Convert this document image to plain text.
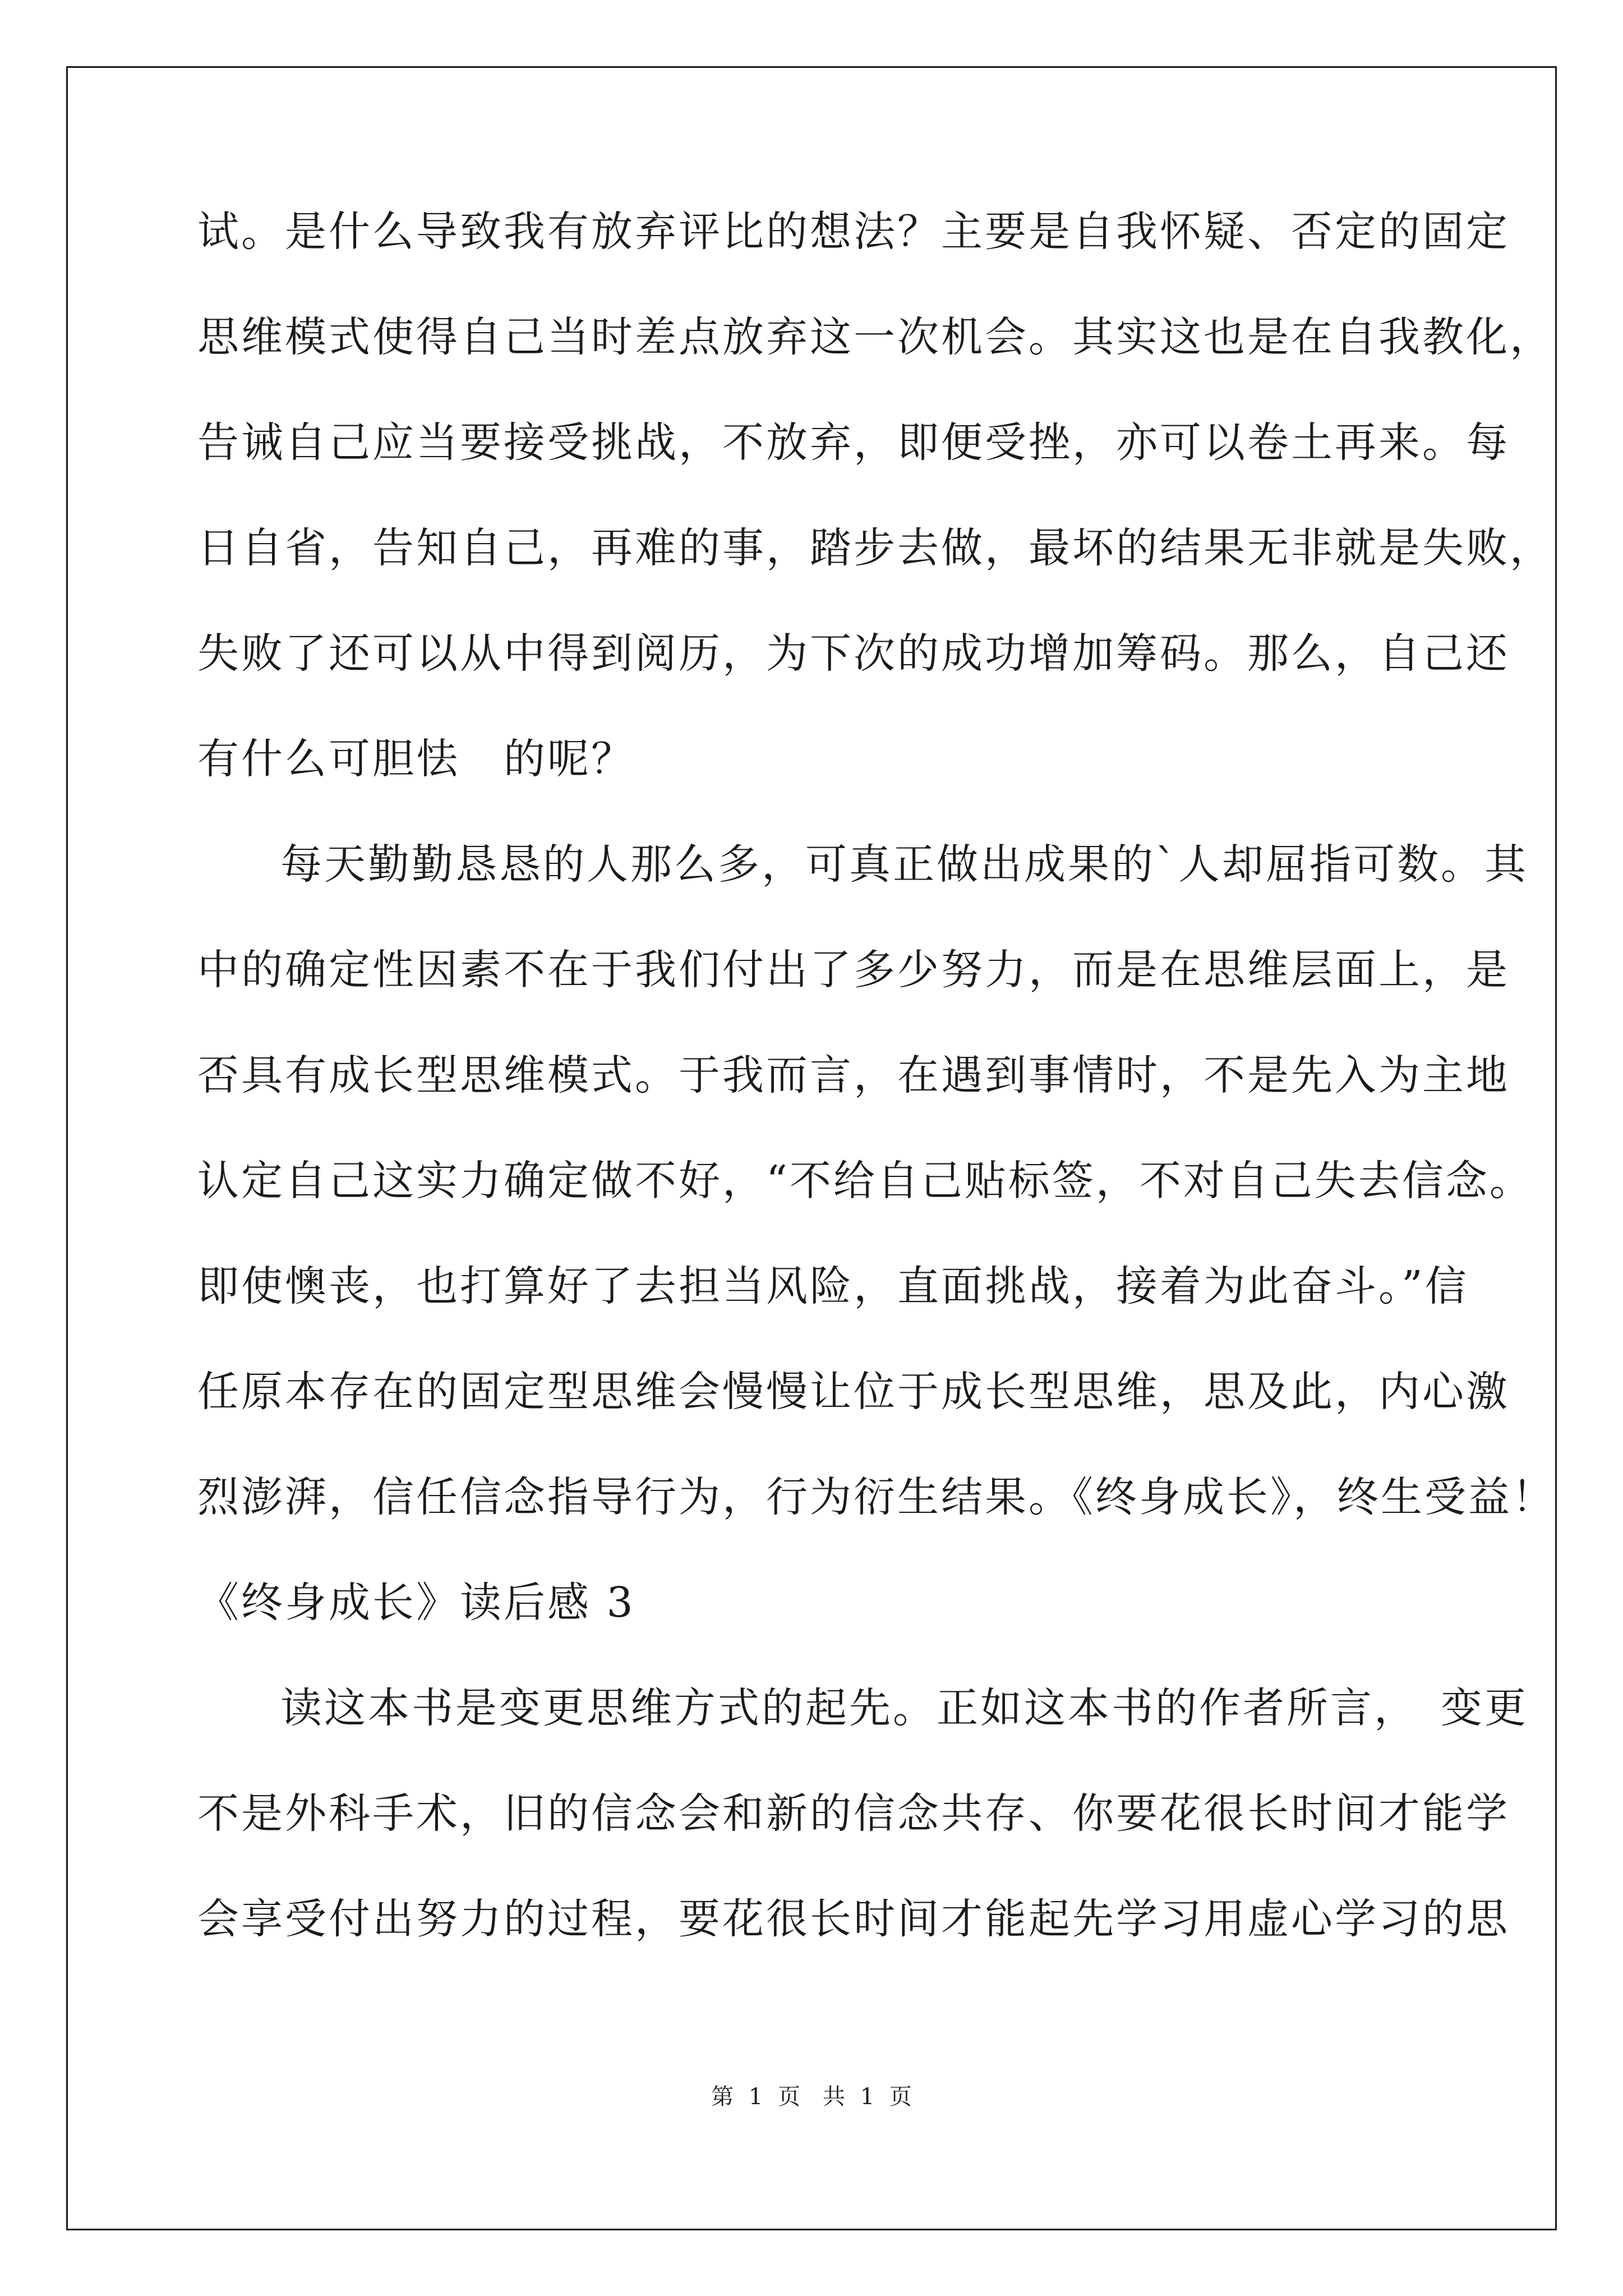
试。是什么导致我有放弃评比的想法？主要是自我怀疑、否定的固定
思维模式使得自己当时差点放弃这一次机会。其实这也是在自我教化，
告诫自己应当要接受挑战，不放弃，即便受挫，亦可以卷土再来。每
日自省，告知自己，再难的事，踏步去做，最坏的结果无非就是失败，
失败了还可以从中得到阅历，为下次的成功增加筹码。那么，自己还
有什么可胆怯　的呢？
每天勤勤恳恳的人那么多，可真正做出成果的`人却屈指可数。其
中的确定性因素不在于我们付出了多少努力，而是在思维层面上，是
否具有成长型思维模式。于我而言，在遇到事情时，不是先入为主地
认定自己这实力确定做不好，“不给自己贴标签，不对自己失去信念。
即使懊丧，也打算好了去担当风险，直面挑战，接着为此奋斗。”信
任原本存在的固定型思维会慢慢让位于成长型思维，思及此，内心激
烈澎湃，信任信念指导行为，行为衍生结果。《终身成长》，终生受益！
《终身成长》读后感 3
读这本书是变更思维方式的起先。正如这本书的作者所言，　变更
不是外科手术，旧的信念会和新的信念共存、你要花很长时间才能学
会享受付出努力的过程，要花很长时间才能起先学习用虚心学习的思
第 1 页　共 1 页
